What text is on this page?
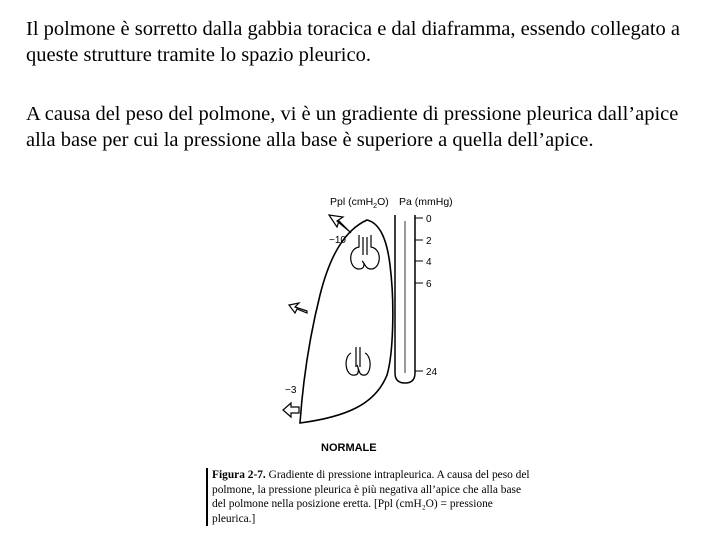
Il polmone è sorretto dalla gabbia toracica e dal diaframma, essendo collegato a queste strutture tramite lo spazio pleurico.

A causa del peso del polmone, vi è un gradiente di pressione pleurica dall’apice alla base per cui la pressione alla base è superiore a quella dell’apice.

Ppl (cmH$_2$O) Pa (mmHg)
0
2
4
6
24
−10
−3
NORMALE

Figura 2-7. Gradiente di pressione intrapleurica. A causa del peso del polmone, la pressione pleurica è più negativa all’apice che alla base del polmone nella posizione eretta. [Ppl (cmH₂O) = pressione pleurica.]
